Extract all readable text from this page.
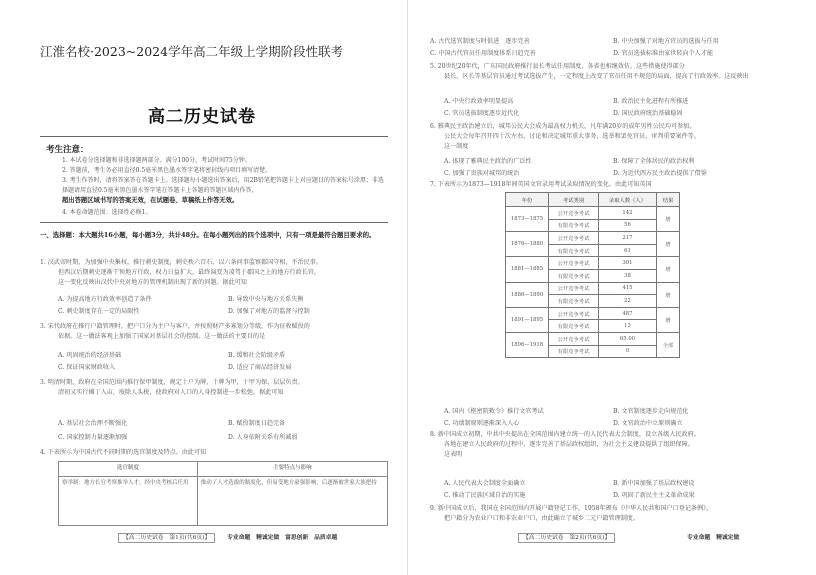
江淮名校·2023~2024学年高二年级上学期阶段性联考
高二历史试卷
考生注意：
1. 本试卷分选择题和非选择题两部分。满分100分，考试时间75分钟。
2. 答题前，考生务必用直径0.5毫米黑色墨水签字笔将密封线内项目填写清楚。
3. 考生作答时，请将答案答在答题卡上。选择题每小题选出答案后，用2B铅笔把答题卡上对应题目的答案标号涂黑；非选择题请用直径0.5毫米黑色墨水签字笔在答题卡上各题的答题区域内作答，
超出答题区域书写的答案无效，在试题卷、草稿纸上作答无效。
4. 本卷命题范围：选择性必修1。
一、选择题：本大题共16小题，每小题3分，共计48分。在每小题列出的四个选项中，只有一项是最符合题目要求的。
1. 汉武帝时期，为加强中央集权，推行刺史制度，刺史秩六百石，以六条问事监察郡国守相，不治民事。
但西汉后期刺史逐渐干预地方行政，权力日益扩大，最终演变为凌驾于郡国之上的地方行政长官。
这一变化反映出汉代中央对地方的管理机制出现了新的问题。据此可知
A. 为提高地方行政效率创造了条件	B. 导致中央与地方关系失衡
C. 刺史制度存在一定的局限性	D. 加强了对地方的监督与控制
3. 宋代政府在推行户籍管理时，把户口分为主户与客户，并按照财产多寡划分等级，作为征收赋役的
依据。这一做法客观上加强了国家对基层社会的控制。这一做法的主要目的是
A. 巩固统治的经济基础	B. 缓和社会阶级矛盾
C. 保证国家财政收入	D. 适应了商品经济发展
3. 明清时期，政府在全国范围内推行保甲制度，规定十户为牌，十牌为甲，十甲为保，层层负责。
清初又实行摊丁入亩，废除人头税，使政府对人口的人身控制进一步松弛。据此可知
A. 基层社会治理不断强化	B. 赋役制度日趋完备
C. 国家控制力量逐渐加强	D. 人身依附关系有所减弱
4. 下表所示为中国古代不同时期的选官制度及特点。由此可知
选官制度	主要特点与影响
察举制：地方长官考察推举人才，经中央考核后任用	推动了人才选拔的制度化，但易受地方豪强影响，后逐渐被世家大族把持
【高二历史试卷　第1页(共6页)】	专业命题　精诚定做　富思创新　品质卓越
A. 古代选官制度与时俱进　逐步完善	B. 中央加强了对地方官员的选拔与任用
C. 中国古代官员任用制度体系日趋完善	D. 官员选拔标准由家世转向个人才能
5. 20世纪20年代，广东国民政府推行县长考试任用制度，各省也相继效仿。这些措施使得部分
县长、区长等基层官员通过考试选拔产生，一定程度上改变了官员任用不规范的局面，提高了行政效率。这反映出
A. 中央行政效率明显提高	B. 政治民主化进程有所推进
C. 官员选拔制度逐步近代化	D. 国民政府统治基础稳固
6. 雅典民主政治建立后，城邦公民大会成为最高权力机关，凡年满20岁的成年男性公民均可参加。
公民大会每年召开四十次左右，讨论和决定城邦重大事务，选举和罢免官员，审判重要案件等。
这一制度
A. 体现了雅典民主政治的广泛性	B. 保障了全体居民的政治权利
C. 加强了贵族对城邦的统治	D. 为近代西方民主政治提供了借鉴
7. 下表所示为1873—1918年间英国文官录用考试录取情况的变化。由此可知英国
A. 国内《枢密院敕令》推行文官考试	B. 文官制度逐步走向规范化
C. 功绩制原则逐渐深入人心	D. 文官政治中立原则确立
8. 新中国成立初期，中共中央提出在全国范围内建立统一的人民代表大会制度，设立各级人民政府。
各地在建立人民政府的过程中，逐步完善了基层政权组织，为社会主义建设提供了组织保障。
这表明
A. 人民代表大会制度全面确立	B. 新中国加强了基层政权建设
C. 推动了民族区域自治的实施	D. 巩固了新民主主义革命成果
9. 新中国成立后，我国在全国范围内开展户籍登记工作，1958年颁布《中华人民共和国户口登记条例》，
把户籍分为农业户口和非农业户口，由此确立了城乡二元户籍管理制度。
【高二历史试卷　第2页(共6页)】	专业命题　精诚定做
年份	考试类别	录取人数（人）	结果
1873—1875	公开竞争考试	142	增
	有限竞争考试	56	
1876—1880	公开竞争考试	217	增
	有限竞争考试	61	
1881—1885	公开竞争考试	301	增
	有限竞争考试	38	
1886—1890	公开竞争考试	415	增
	有限竞争考试	22	
1891—1895	公开竞争考试	487	增
	有限竞争考试	13	
1896—1918	公开竞争考试	65.00	全部
	有限竞争考试	0	
